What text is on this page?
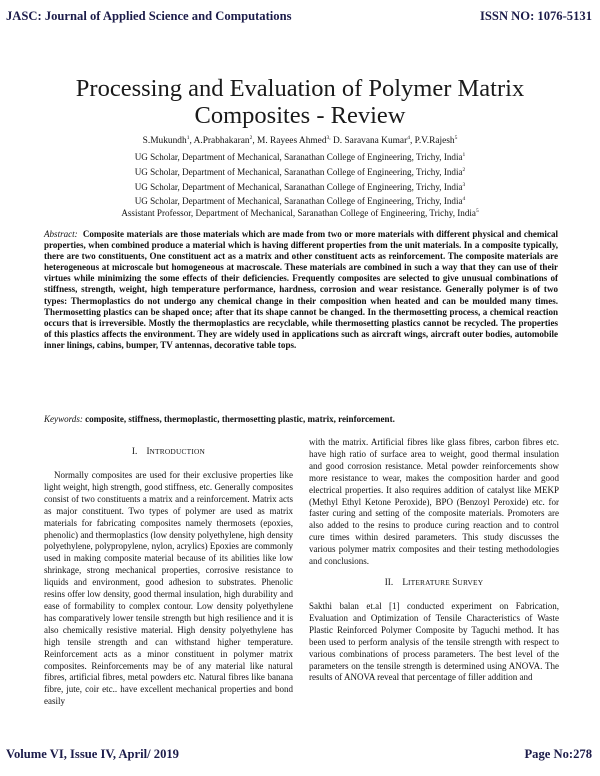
JASC: Journal of Applied Science and Computations	ISSN NO: 1076-5131
Processing and Evaluation of Polymer Matrix Composites - Review
S.Mukundh$^1$, A.Prabhakaran$^2$, M. Rayees Ahmed$^{3,}$ D. Saravana Kumar$^4$, P.V.Rajesh$^5$
UG Scholar, Department of Mechanical, Saranathan College of Engineering, Trichy, India$^1$
UG Scholar, Department of Mechanical, Saranathan College of Engineering, Trichy, India$^2$
UG Scholar, Department of Mechanical, Saranathan College of Engineering, Trichy, India$^3$
UG Scholar, Department of Mechanical, Saranathan College of Engineering, Trichy, India$^4$
Assistant Professor, Department of Mechanical, Saranathan College of Engineering, Trichy, India$^5$
Abstract:  Composite materials are those materials which are made from two or more materials with different physical and chemical properties, when combined produce a material which is having different properties from the unit materials. In a composite typically, there are two constituents, One constituent act as a matrix and other constituent acts as reinforcement. The composite materials are heterogeneous at microscale but homogeneous at macroscale. These materials are combined in such a way that they can use of their virtues while minimizing the some effects of their deficiencies. Frequently composites are selected to give unusual combinations of stiffness, strength, weight, high temperature performance, hardness, corrosion and wear resistance. Generally polymer is of two types: Thermoplastics do not undergo any chemical change in their composition when heated and can be moulded many times. Thermosetting plastics can be shaped once; after that its shape cannot be changed. In the thermosetting process, a chemical reaction occurs that is irreversible. Mostly the thermoplastics are recyclable, while thermosetting plastics cannot be recycled. The properties of this plastics affects the environment. They are widely used in applications such as aircraft wings, aircraft outer bodies, automobile inner linings, cabins, bumper, TV antennas, decorative table tops.
Keywords: composite, stiffness, thermoplastic, thermosetting plastic, matrix, reinforcement.
I. INTRODUCTION

Normally composites are used for their exclusive properties like light weight, high strength, good stiffness, etc. Generally composites consist of two constituents a matrix and a reinforcement. Matrix acts as major constituent. Two types of polymer are used as matrix materials for fabricating composites namely thermosets (epoxies, phenolic) and thermoplastics (low density polyethylene, high density polyethylene, polypropylene, nylon, acrylics) Epoxies are commonly used in making composite material because of its abilities like low shrinkage, strong mechanical properties, corrosive resistance to liquids and environment, good adhesion to substrates. Phenolic resins offer low density, good thermal insulation, high durability and ease of formability to complex contour. Low density polyethylene has comparatively lower tensile strength but high resilience and it is also chemically resistive material. High density polyethylene has high tensile strength and can withstand higher temperature. Reinforcement acts as a minor constituent in polymer matrix composites. Reinforcements may be of any material like natural fibres, artificial fibres, metal powders etc. Natural fibres like banana fibre, jute, coir etc.. have excellent mechanical properties and bond easily

with the matrix. Artificial fibres like glass fibres, carbon fibres etc. have high ratio of surface area to weight, good thermal insulation and good corrosion resistance. Metal powder reinforcements show more resistance to wear, makes the composition harder and good electrical properties. It also requires addition of catalyst like MEKP (Methyl Ethyl Ketone Peroxide), BPO (Benzoyl Peroxide) etc. for faster curing and setting of the composite materials. Promoters are also added to the resins to produce curing reaction and to control cure times within desired parameters. This study discusses the various polymer matrix composites and their testing methodologies and conclusions.

II. LITERATURE SURVEY

Sakthi balan et.al [1] conducted experiment on Fabrication, Evaluation and Optimization of Tensile Characteristics of Waste Plastic Reinforced Polymer Composite by Taguchi method. It has been used to perform analysis of the tensile strength with respect to various combinations of process parameters. The best level of the parameters on the tensile strength is determined using ANOVA. The results of ANOVA reveal that percentage of filler addition and

Volume VI, Issue IV, April/ 2019	Page No:278
